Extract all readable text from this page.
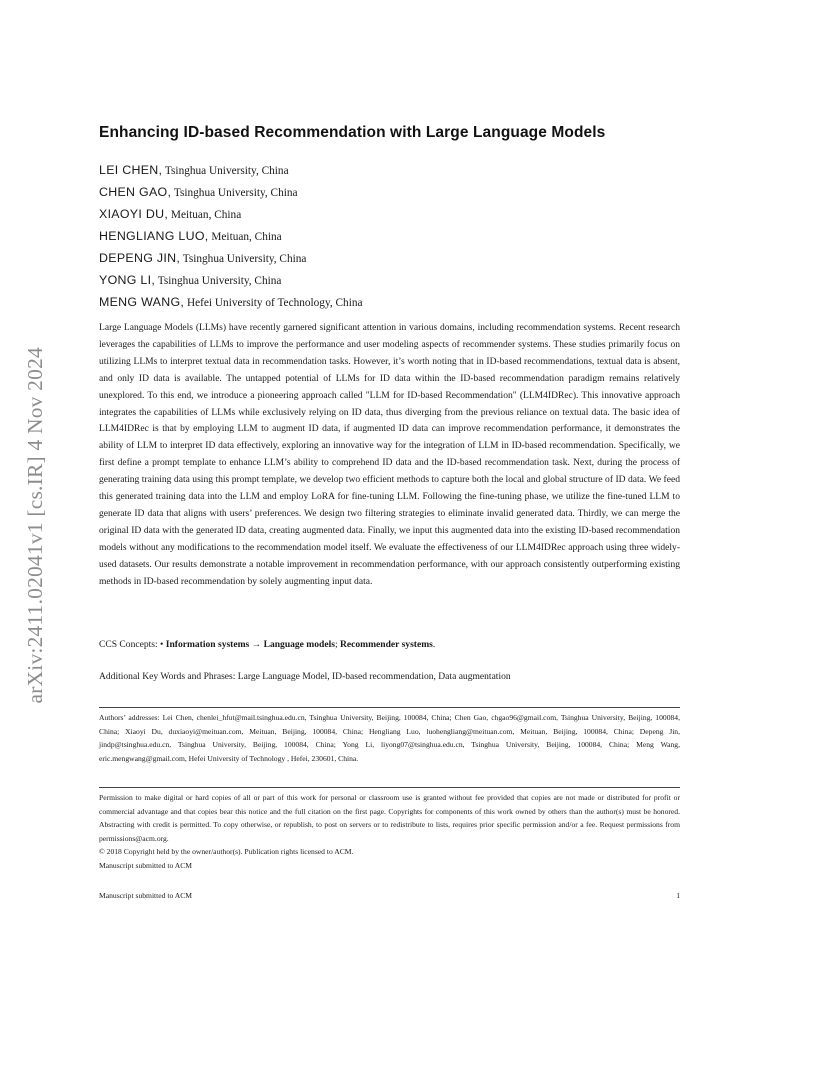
arXiv:2411.02041v1 [cs.IR] 4 Nov 2024
Enhancing ID-based Recommendation with Large Language Models
LEI CHEN, Tsinghua University, China
CHEN GAO, Tsinghua University, China
XIAOYI DU, Meituan, China
HENGLIANG LUO, Meituan, China
DEPENG JIN, Tsinghua University, China
YONG LI, Tsinghua University, China
MENG WANG, Hefei University of Technology, China
Large Language Models (LLMs) have recently garnered significant attention in various domains, including recommendation systems. Recent research leverages the capabilities of LLMs to improve the performance and user modeling aspects of recommender systems. These studies primarily focus on utilizing LLMs to interpret textual data in recommendation tasks. However, it’s worth noting that in ID-based recommendations, textual data is absent, and only ID data is available. The untapped potential of LLMs for ID data within the ID-based recommendation paradigm remains relatively unexplored. To this end, we introduce a pioneering approach called "LLM for ID-based Recommendation" (LLM4IDRec). This innovative approach integrates the capabilities of LLMs while exclusively relying on ID data, thus diverging from the previous reliance on textual data. The basic idea of LLM4IDRec is that by employing LLM to augment ID data, if augmented ID data can improve recommendation performance, it demonstrates the ability of LLM to interpret ID data effectively, exploring an innovative way for the integration of LLM in ID-based recommendation. Specifically, we first define a prompt template to enhance LLM’s ability to comprehend ID data and the ID-based recommendation task. Next, during the process of generating training data using this prompt template, we develop two efficient methods to capture both the local and global structure of ID data. We feed this generated training data into the LLM and employ LoRA for fine-tuning LLM. Following the fine-tuning phase, we utilize the fine-tuned LLM to generate ID data that aligns with users’ preferences. We design two filtering strategies to eliminate invalid generated data. Thirdly, we can merge the original ID data with the generated ID data, creating augmented data. Finally, we input this augmented data into the existing ID-based recommendation models without any modifications to the recommendation model itself. We evaluate the effectiveness of our LLM4IDRec approach using three widely-used datasets. Our results demonstrate a notable improvement in recommendation performance, with our approach consistently outperforming existing methods in ID-based recommendation by solely augmenting input data.
CCS Concepts: • Information systems → Language models; Recommender systems.
Additional Key Words and Phrases: Large Language Model, ID-based recommendation, Data augmentation
Authors’ addresses: Lei Chen, chenlei_hfut@mail.tsinghua.edu.cn, Tsinghua University, Beijing, 100084, China; Chen Gao, chgao96@gmail.com, Tsinghua University, Beijing, 100084, China; Xiaoyi Du, duxiaoyi@meituan.com, Meituan, Beijing, 100084, China; Hengliang Luo, luohengliang@meituan.com, Meituan, Beijing, 100084, China; Depeng Jin, jindp@tsinghua.edu.cn, Tsinghua University, Beijing, 100084, China; Yong Li, liyong07@tsinghua.edu.cn, Tsinghua University, Beijing, 100084, China; Meng Wang, eric.mengwang@gmail.com, Hefei University of Technology , Hefei, 230601, China.

Permission to make digital or hard copies of all or part of this work for personal or classroom use is granted without fee provided that copies are not made or distributed for profit or commercial advantage and that copies bear this notice and the full citation on the first page. Copyrights for components of this work owned by others than the author(s) must be honored. Abstracting with credit is permitted. To copy otherwise, or republish, to post on servers or to redistribute to lists, requires prior specific permission and/or a fee. Request permissions from permissions@acm.org.

© 2018 Copyright held by the owner/author(s). Publication rights licensed to ACM.

Manuscript submitted to ACM

Manuscript submitted to ACM	1
